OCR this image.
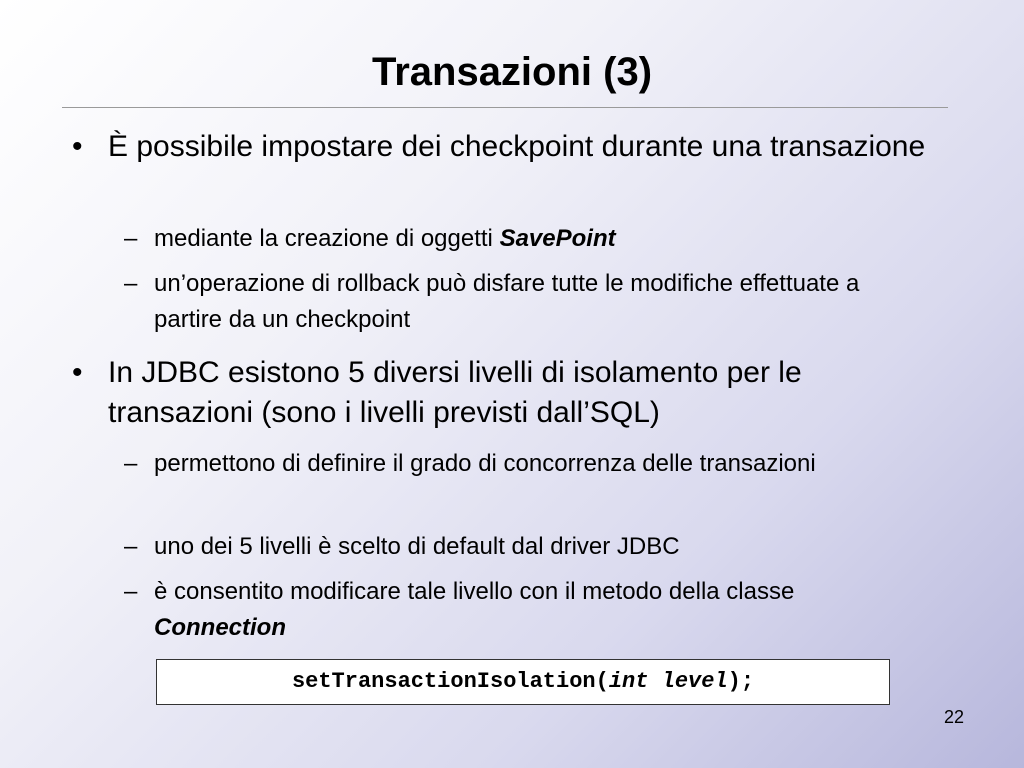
Transazioni (3)
• È possibile impostare dei checkpoint durante una transazione
– mediante la creazione di oggetti SavePoint
– un’operazione di rollback può disfare tutte le modifiche effettuate a partire da un checkpoint
• In JDBC esistono 5 diversi livelli di isolamento per le transazioni (sono i livelli previsti dall’SQL)
– permettono di definire il grado di concorrenza delle transazioni
– uno dei 5 livelli è scelto di default dal driver JDBC
– è consentito modificare tale livello con il metodo della classe Connection
setTransactionIsolation(int level);
22
